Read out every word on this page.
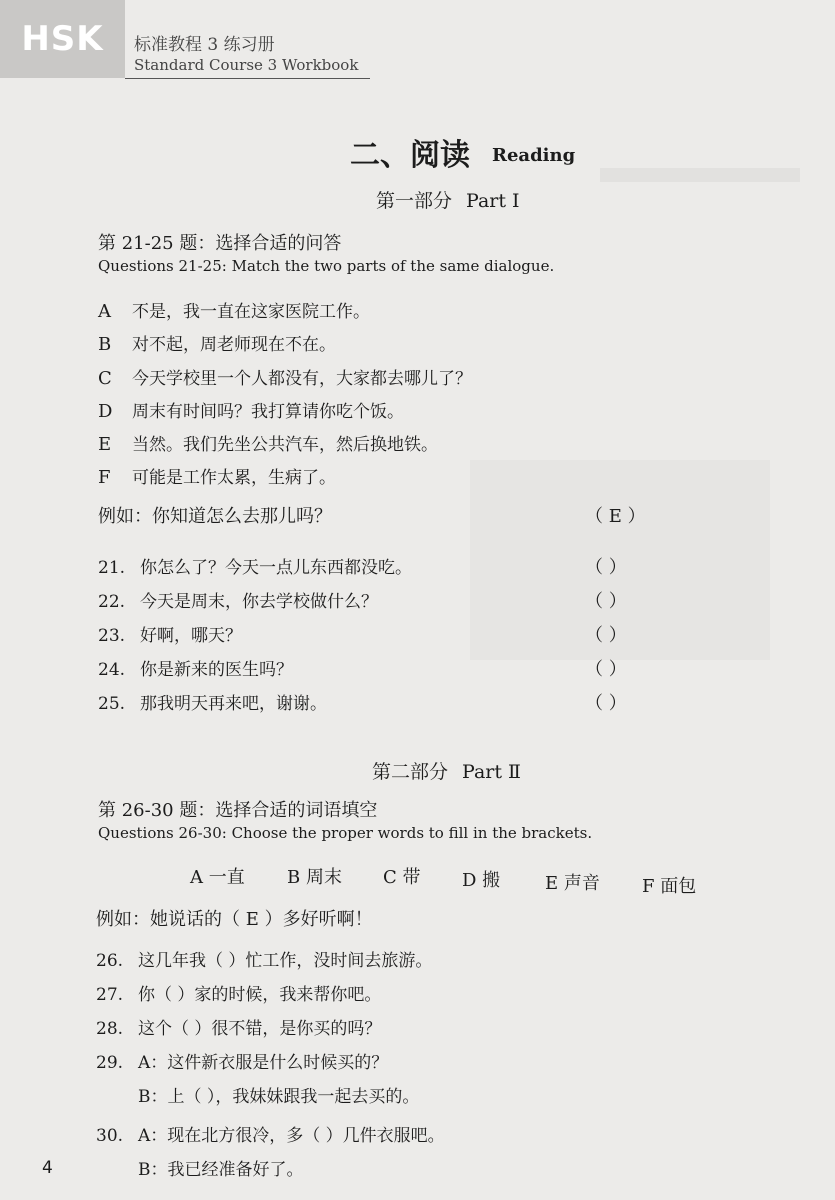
HSK	标准教程 3 练习册
Standard Course 3 Workbook
二、阅读 Reading
第一部分 Part Ⅰ
第 21-25 题：选择合适的问答
Questions 21-25: Match the two parts of the same dialogue.
A 不是，我一直在这家医院工作。
B 对不起，周老师现在不在。
C 今天学校里一个人都没有，大家都去哪儿了？
D 周末有时间吗？我打算请你吃个饭。
E 当然。我们先坐公共汽车，然后换地铁。
F 可能是工作太累，生病了。
例如：你知道怎么去那儿吗？	（ E ）
21. 你怎么了？今天一点儿东西都没吃。	（ ）
22. 今天是周末，你去学校做什么？	（ ）
23. 好啊，哪天？	（ ）
24. 你是新来的医生吗？	（ ）
25. 那我明天再来吧，谢谢。	（ ）
第二部分 Part Ⅱ
第 26-30 题：选择合适的词语填空
Questions 26-30: Choose the proper words to fill in the brackets.
A 一直 B 周末 C 带 D 搬 E 声音 F 面包
例如：她说话的（ E ）多好听啊！
26. 这几年我（ ）忙工作，没时间去旅游。
27. 你（ ）家的时候，我来帮你吧。
28. 这个（ ）很不错，是你买的吗？
29. A：这件新衣服是什么时候买的？
B：上（ ），我妹妹跟我一起去买的。
30. A：现在北方很冷，多（ ）几件衣服吧。
B：我已经准备好了。
4
